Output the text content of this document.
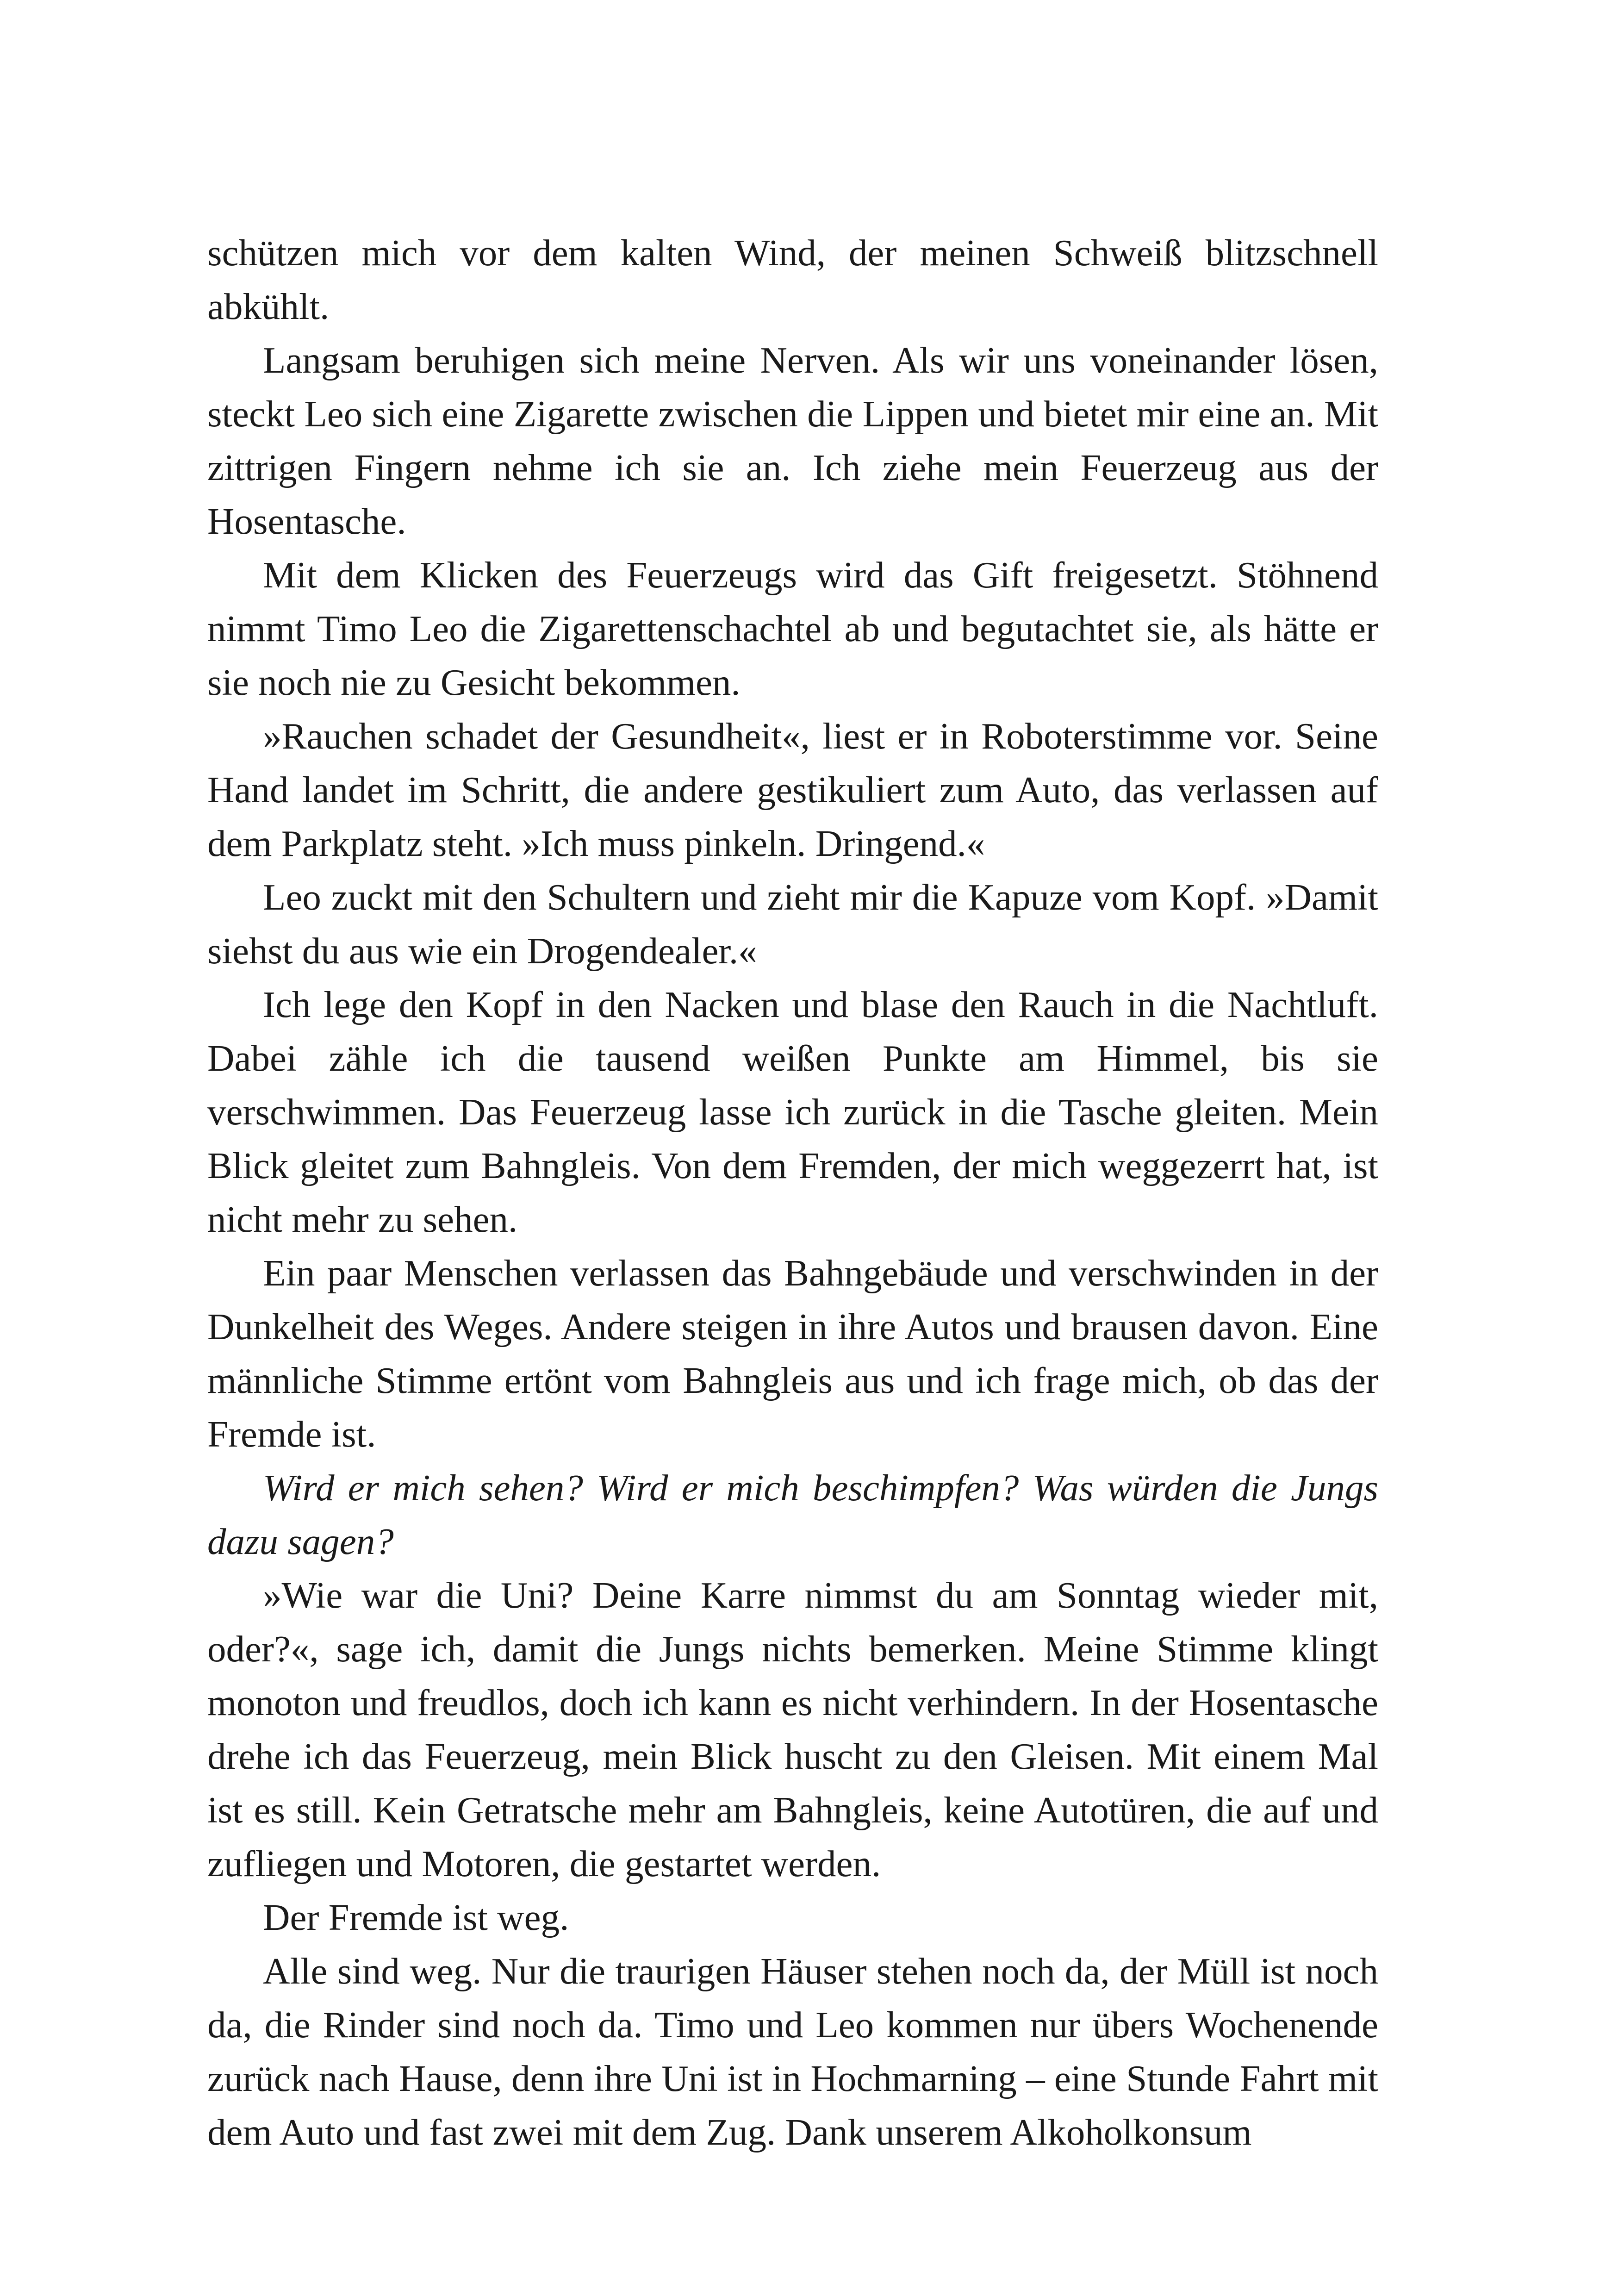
schützen mich vor dem kalten Wind, der meinen Schweiß blitzschnell abkühlt.

Langsam beruhigen sich meine Nerven. Als wir uns voneinander lösen, steckt Leo sich eine Zigarette zwischen die Lippen und bietet mir eine an. Mit zittrigen Fingern nehme ich sie an. Ich ziehe mein Feuerzeug aus der Hosentasche.

Mit dem Klicken des Feuerzeugs wird das Gift freigesetzt. Stöhnend nimmt Timo Leo die Zigarettenschachtel ab und begutachtet sie, als hätte er sie noch nie zu Gesicht bekommen.

»Rauchen schadet der Gesundheit«, liest er in Roboterstimme vor. Seine Hand landet im Schritt, die andere gestikuliert zum Auto, das verlassen auf dem Parkplatz steht. »Ich muss pinkeln. Dringend.«

Leo zuckt mit den Schultern und zieht mir die Kapuze vom Kopf. »Damit siehst du aus wie ein Drogendealer.«

Ich lege den Kopf in den Nacken und blase den Rauch in die Nachtluft. Dabei zähle ich die tausend weißen Punkte am Himmel, bis sie verschwimmen. Das Feuerzeug lasse ich zurück in die Tasche gleiten. Mein Blick gleitet zum Bahngleis. Von dem Fremden, der mich weggezerrt hat, ist nicht mehr zu sehen.

Ein paar Menschen verlassen das Bahngebäude und verschwinden in der Dunkelheit des Weges. Andere steigen in ihre Autos und brausen davon. Eine männliche Stimme ertönt vom Bahngleis aus und ich frage mich, ob das der Fremde ist.

Wird er mich sehen? Wird er mich beschimpfen? Was würden die Jungs dazu sagen?

»Wie war die Uni? Deine Karre nimmst du am Sonntag wieder mit, oder?«, sage ich, damit die Jungs nichts bemerken. Meine Stimme klingt monoton und freudlos, doch ich kann es nicht verhindern. In der Hosentasche drehe ich das Feuerzeug, mein Blick huscht zu den Gleisen. Mit einem Mal ist es still. Kein Getratsche mehr am Bahngleis, keine Autotüren, die auf und zufliegen und Motoren, die gestartet werden.

Der Fremde ist weg.

Alle sind weg. Nur die traurigen Häuser stehen noch da, der Müll ist noch da, die Rinder sind noch da. Timo und Leo kommen nur übers Wochenende zurück nach Hause, denn ihre Uni ist in Hochmarning – eine Stunde Fahrt mit dem Auto und fast zwei mit dem Zug. Dank unserem Alkoholkonsum
